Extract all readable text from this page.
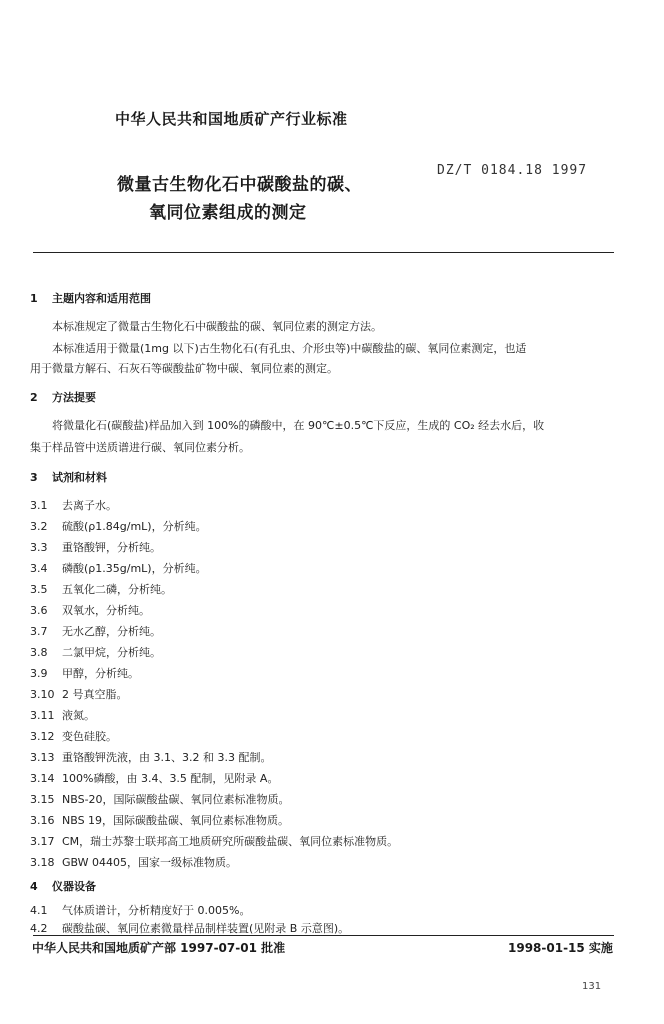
中华人民共和国地质矿产行业标准
微量古生物化石中碳酸盐的碳、
氧同位素组成的测定
DZ/T 0184.18 1997
1 主题内容和适用范围
本标准规定了微量古生物化石中碳酸盐的碳、氧同位素的测定方法。
本标准适用于微量(1mg 以下)古生物化石(有孔虫、介形虫等)中碳酸盐的碳、氧同位素测定，也适
用于微量方解石、石灰石等碳酸盐矿物中碳、氧同位素的测定。
2 方法提要
将微量化石(碳酸盐)样品加入到 100%的磷酸中，在 90℃±0.5℃下反应，生成的 CO₂ 经去水后，收
集于样品管中送质谱进行碳、氧同位素分析。
3 试剂和材料
3.1 去离子水。
3.2 硫酸(ρ1.84g/mL)，分析纯。
3.3 重铬酸钾，分析纯。
3.4 磷酸(ρ1.35g/mL)，分析纯。
3.5 五氧化二磷，分析纯。
3.6 双氧水，分析纯。
3.7 无水乙醇，分析纯。
3.8 二氯甲烷，分析纯。
3.9 甲醇，分析纯。
3.10 2 号真空脂。
3.11 液氮。
3.12 变色硅胶。
3.13 重铬酸钾洗液，由 3.1、3.2 和 3.3 配制。
3.14 100%磷酸，由 3.4、3.5 配制，见附录 A。
3.15 NBS-20，国际碳酸盐碳、氧同位素标准物质。
3.16 NBS 19，国际碳酸盐碳、氧同位素标准物质。
3.17 CM，瑞士苏黎士联邦高工地质研究所碳酸盐碳、氧同位素标准物质。
3.18 GBW 04405，国家一级标准物质。
4 仪器设备
4.1 气体质谱计，分析精度好于 0.005%。
4.2 碳酸盐碳、氧同位素微量样品制样装置(见附录 B 示意图)。
中华人民共和国地质矿产部 1997-07-01 批准	1998-01-15 实施
131
